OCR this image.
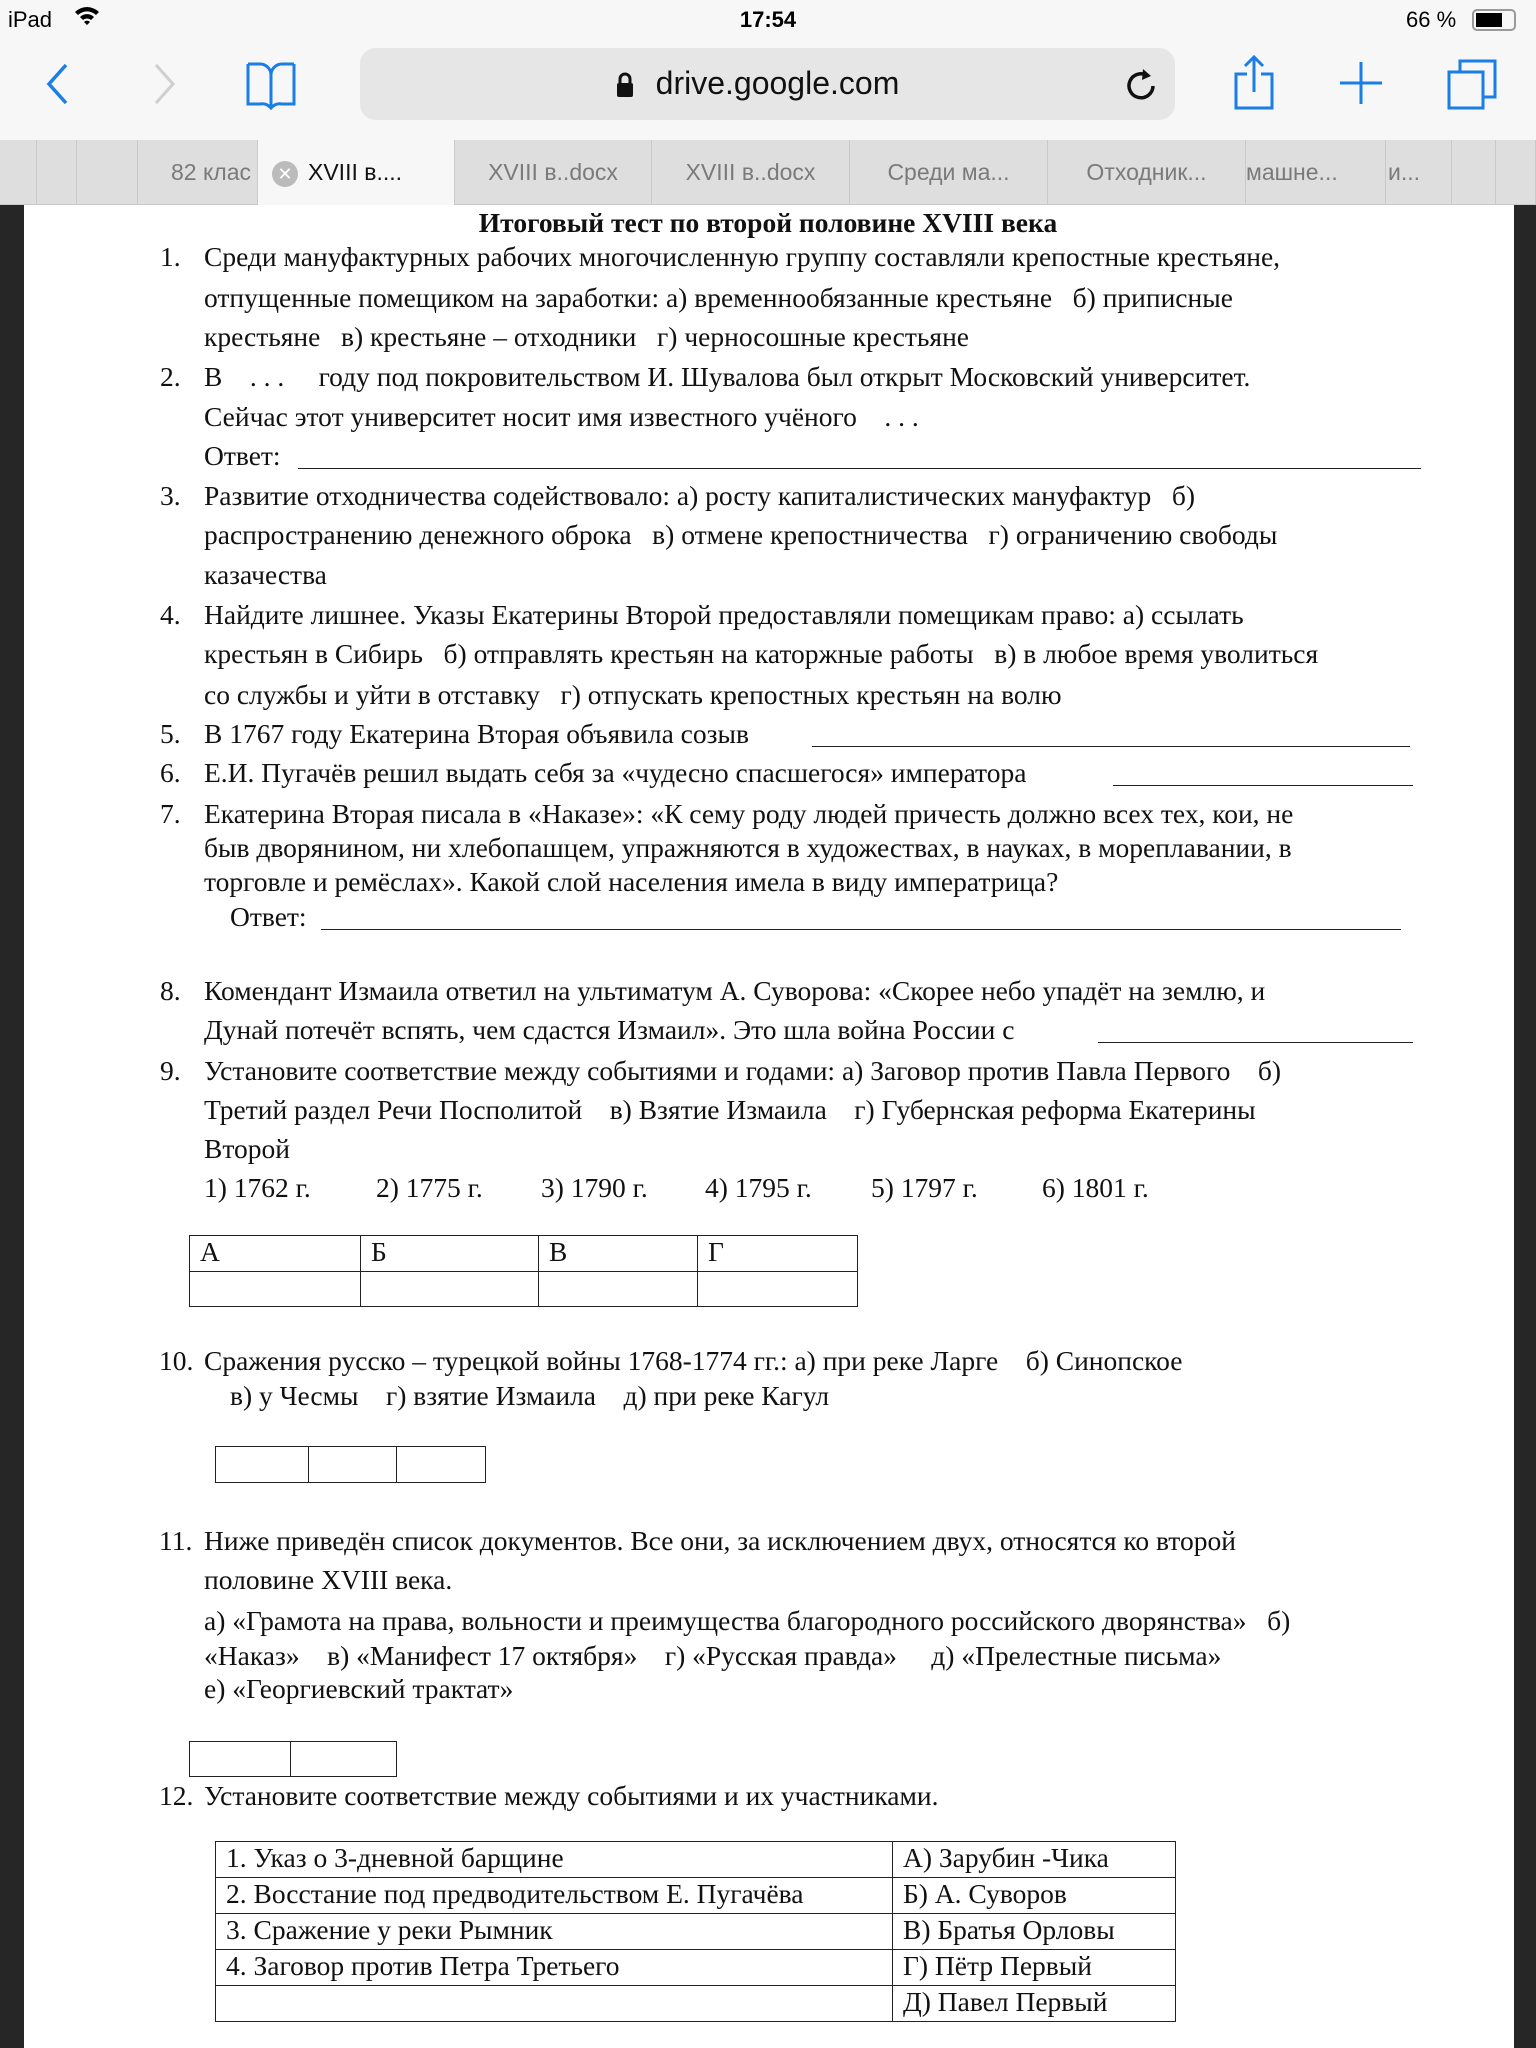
iPad	17:54	66 %
drive.google.com
82 клас	✕ XVIII в....	XVIII в..docx	XVIII в..docx	Среди ма...	Отходник...	машне...	и...
Итоговый тест по второй половине XVIII века
1. Среди мануфактурных рабочих многочисленную группу составляли крепостные крестьяне,
отпущенные помещиком на заработки: а) временнообязанные крестьяне   б) приписные
крестьяне   в) крестьяне – отходники   г) черносошные крестьяне
2. В    . . .     году под покровительством И. Шувалова был открыт Московский университет.
Сейчас этот университет носит имя известного учёного    . . .
Ответ:
3. Развитие отходничества содействовало: а) росту капиталистических мануфактур   б)
распространению денежного оброка   в) отмене крепостничества   г) ограничению свободы
казачества
4. Найдите лишнее. Указы Екатерины Второй предоставляли помещикам право: а) ссылать
крестьян в Сибирь   б) отправлять крестьян на каторжные работы   в) в любое время уволиться
со службы и уйти в отставку   г) отпускать крепостных крестьян на волю
5. В 1767 году Екатерина Вторая объявила созыв
6. Е.И. Пугачёв решил выдать себя за «чудесно спасшегося» императора
7. Екатерина Вторая писала в «Наказе»: «К сему роду людей причесть должно всех тех, кои, не
быв дворянином, ни хлебопашцем, упражняются в художествах, в науках, в мореплавании, в
торговле и ремёслах». Какой слой населения имела в виду императрица?
Ответ:
8. Комендант Измаила ответил на ультиматум А. Суворова: «Скорее небо упадёт на землю, и
Дунай потечёт вспять, чем сдастся Измаил». Это шла война России с
9. Установите соответствие между событиями и годами: а) Заговор против Павла Первого    б)
Третий раздел Речи Посполитой    в) Взятие Измаила    г) Губернская реформа Екатерины
Второй
1) 1762 г. 2) 1775 г. 3) 1790 г. 4) 1795 г. 5) 1797 г. 6) 1801 г.
А	Б	В	Г

10. Сражения русско – турецкой войны 1768-1774 гг.: а) при реке Ларге    б) Синопское
в) у Чесмы    г) взятие Измаила    д) при реке Кагул

11. Ниже приведён список документов. Все они, за исключением двух, относятся ко второй
половине XVIII века.
а) «Грамота на права, вольности и преимущества благородного российского дворянства»   б)
«Наказ»    в) «Манифест 17 октября»    г) «Русская правда»     д) «Прелестные письма»
е) «Георгиевский трактат»

12. Установите соответствие между событиями и их участниками.
1. Указ о 3-дневной барщине	А) Зарубин -Чика
2. Восстание под предводительством Е. Пугачёва	Б) А. Суворов
3. Сражение у реки Рымник	В) Братья Орловы
4. Заговор против Петра Третьего	Г) Пётр Первый
	Д) Павел Первый
